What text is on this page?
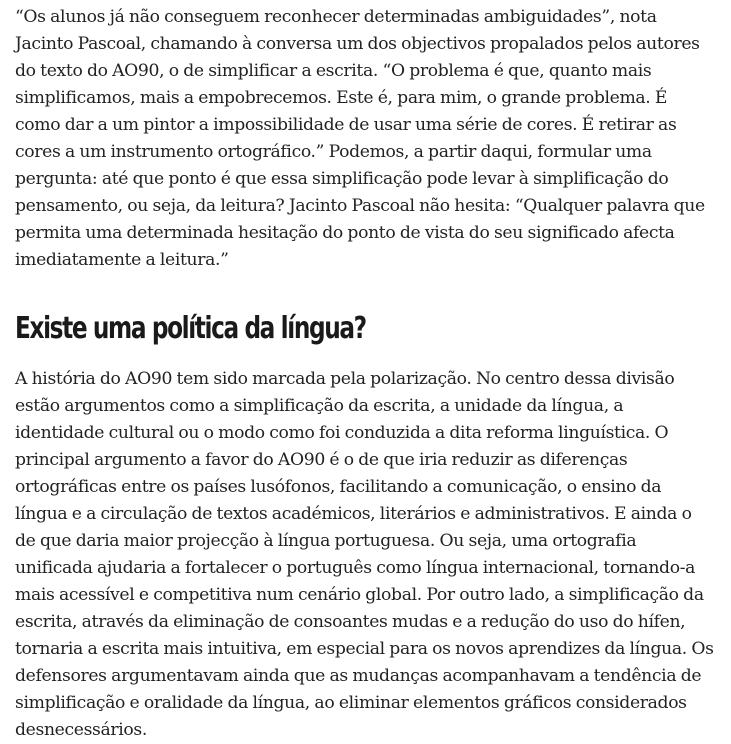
“Os alunos já não conseguem reconhecer determinadas ambiguidades”, nota Jacinto Pascoal, chamando à conversa um dos objectivos propalados pelos autores do texto do AO90, o de simplificar a escrita. “O problema é que, quanto mais simplificamos, mais a empobrecemos. Este é, para mim, o grande problema. É como dar a um pintor a impossibilidade de usar uma série de cores. É retirar as cores a um instrumento ortográfico.” Podemos, a partir daqui, formular uma pergunta: até que ponto é que essa simplificação pode levar à simplificação do pensamento, ou seja, da leitura? Jacinto Pascoal não hesita: “Qualquer palavra que permita uma determinada hesitação do ponto de vista do seu significado afecta imediatamente a leitura.”

Existe uma política da língua?

A história do AO90 tem sido marcada pela polarização. No centro dessa divisão estão argumentos como a simplificação da escrita, a unidade da língua, a identidade cultural ou o modo como foi conduzida a dita reforma linguística. O principal argumento a favor do AO90 é o de que iria reduzir as diferenças ortográficas entre os países lusófonos, facilitando a comunicação, o ensino da língua e a circulação de textos académicos, literários e administrativos. E ainda o de que daria maior projecção à língua portuguesa. Ou seja, uma ortografia unificada ajudaria a fortalecer o português como língua internacional, tornando-a mais acessível e competitiva num cenário global. Por outro lado, a simplificação da escrita, através da eliminação de consoantes mudas e a redução do uso do hífen, tornaria a escrita mais intuitiva, em especial para os novos aprendizes da língua. Os defensores argumentavam ainda que as mudanças acompanhavam a tendência de simplificação e oralidade da língua, ao eliminar elementos gráficos considerados desnecessários.
